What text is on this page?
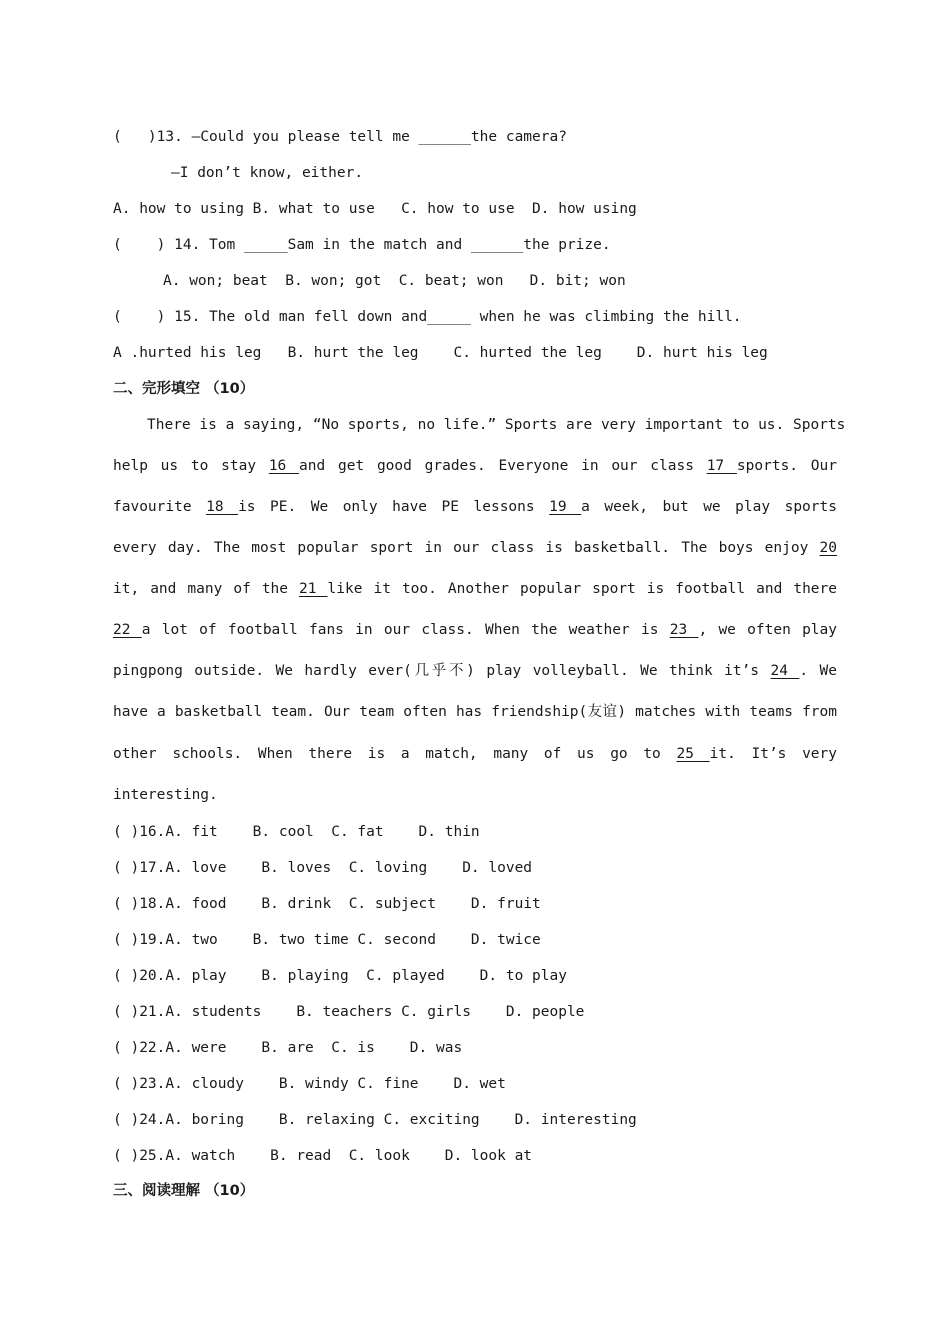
(   )13. —Could you please tell me ______the camera?
—I don’t know, either.
A. how to using B. what to use   C. how to use  D. how using
(    ) 14. Tom _____Sam in the match and ______the prize.
A. won; beat  B. won; got  C. beat; won   D. bit; won
(    ) 15. The old man fell down and_____ when he was climbing the hill.
A .hurted his leg   B. hurt the leg    C. hurted the leg    D. hurt his leg
二、完形填空 （10）
There is a saying, “No sports, no life.” Sports are very important to us. Sports
help us to stay 16 and get good grades. Everyone in our class 17 sports. Our
favourite 18 is PE. We only have PE lessons 19 a week, but we play sports
every day. The most popular sport in our class is basketball. The boys enjoy 20
it, and many of the 21 like it too. Another popular sport is football and there
22 a lot of football fans in our class. When the weather is 23 , we often play
pingpong outside. We hardly ever(几乎不) play volleyball. We think it’s 24 . We
have a basketball team. Our team often has friendship(友谊) matches with teams from
other schools. When there is a match, many of us go to 25 it. It’s very
interesting.
( )16.A. fit    B. cool  C. fat    D. thin
( )17.A. love    B. loves  C. loving    D. loved
( )18.A. food    B. drink  C. subject    D. fruit
( )19.A. two    B. two time C. second    D. twice
( )20.A. play    B. playing  C. played    D. to play
( )21.A. students    B. teachers C. girls    D. people
( )22.A. were    B. are  C. is    D. was
( )23.A. cloudy    B. windy C. fine    D. wet
( )24.A. boring    B. relaxing C. exciting    D. interesting
( )25.A. watch    B. read  C. look    D. look at
三、阅读理解 （10）
